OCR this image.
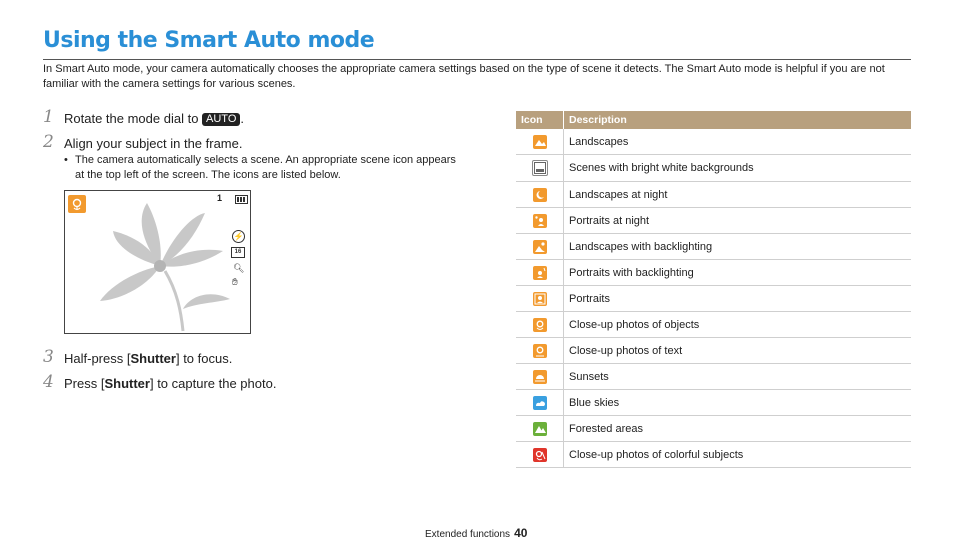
Using the Smart Auto mode

In Smart Auto mode, your camera automatically chooses the appropriate camera settings based on the type of scene it detects. The Smart Auto mode is helpful if you are not familiar with the camera settings for various scenes.

1 Rotate the mode dial to AUTO .
2 Align your subject in the frame.
• The camera automatically selects a scene. An appropriate scene icon appears at the top left of the screen. The icons are listed below.
1
⚡
16
🔍︎
✋︎
3 Half-press [Shutter] to focus.
4 Press [Shutter] to capture the photo.
Icon	Description

	Landscapes

	Scenes with bright white backgrounds

	Landscapes at night

	Portraits at night

	Landscapes with backlighting

	Portraits with backlighting

	Portraits

	Close-up photos of objects

	Close-up photos of text

	Sunsets

	Blue skies

	Forested areas

	Close-up photos of colorful subjects
Extended functions 40
